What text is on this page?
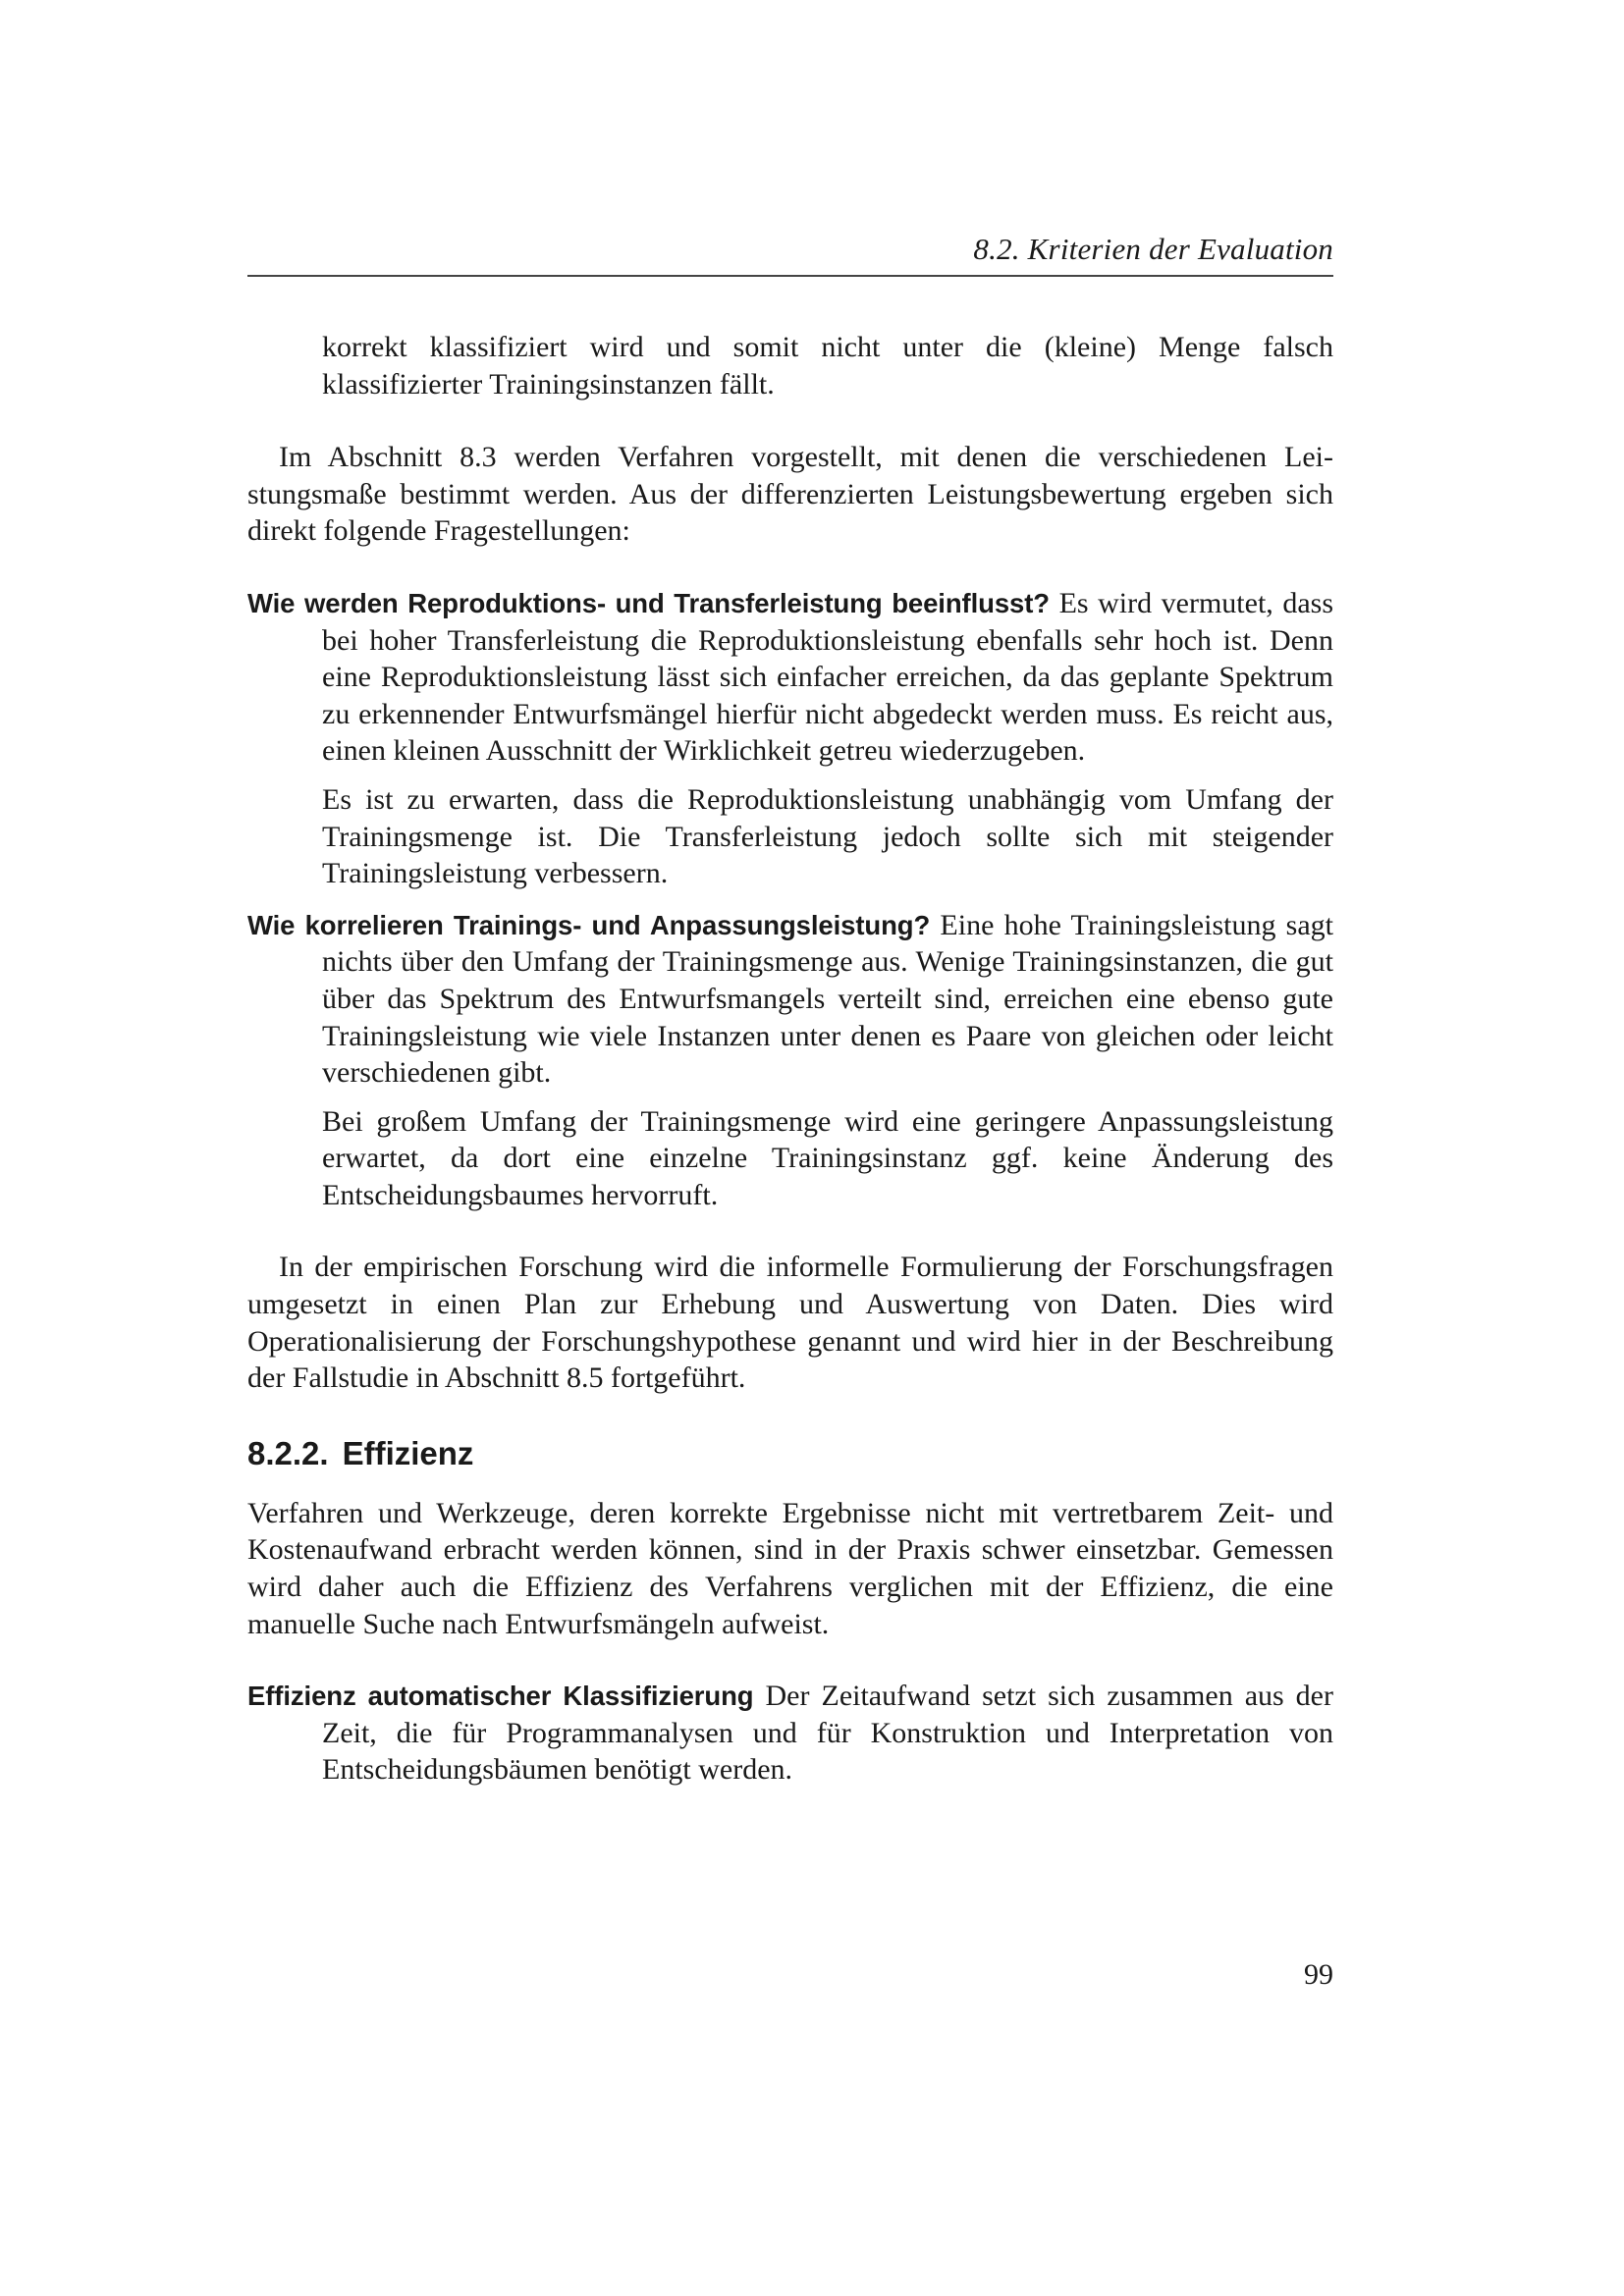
8.2. Kriterien der Evaluation

korrekt klassifiziert wird und somit nicht unter die (kleine) Menge falsch klassifizierter Trainingsinstanzen fällt.

Im Abschnitt 8.3 werden Verfahren vorgestellt, mit denen die verschiedenen Leistungsmaße bestimmt werden. Aus der differenzierten Leistungsbewertung ergeben sich direkt folgende Fragestellungen:

Wie werden Reproduktions- und Transferleistung beeinflusst? Es wird vermutet, dass bei hoher Transferleistung die Reproduktionsleistung ebenfalls sehr hoch ist. Denn eine Reproduktionsleistung lässt sich einfacher erreichen, da das geplante Spektrum zu erkennender Entwurfsmängel hierfür nicht abgedeckt werden muss. Es reicht aus, einen kleinen Ausschnitt der Wirklichkeit getreu wiederzugeben.

Es ist zu erwarten, dass die Reproduktionsleistung unabhängig vom Umfang der Trainingsmenge ist. Die Transferleistung jedoch sollte sich mit steigender Trainingsleistung verbessern.

Wie korrelieren Trainings- und Anpassungsleistung? Eine hohe Trainingsleistung sagt nichts über den Umfang der Trainingsmenge aus. Wenige Trainingsinstanzen, die gut über das Spektrum des Entwurfsmangels verteilt sind, erreichen eine ebenso gute Trainingsleistung wie viele Instanzen unter denen es Paare von gleichen oder leicht verschiedenen gibt.

Bei großem Umfang der Trainingsmenge wird eine geringere Anpassungsleistung erwartet, da dort eine einzelne Trainingsinstanz ggf. keine Änderung des Entscheidungsbaumes hervorruft.

In der empirischen Forschung wird die informelle Formulierung der Forschungsfragen umgesetzt in einen Plan zur Erhebung und Auswertung von Daten. Dies wird Operationalisierung der Forschungshypothese genannt und wird hier in der Beschreibung der Fallstudie in Abschnitt 8.5 fortgeführt.

8.2.2. Effizienz

Verfahren und Werkzeuge, deren korrekte Ergebnisse nicht mit vertretbarem Zeit- und Kostenaufwand erbracht werden können, sind in der Praxis schwer einsetzbar. Gemessen wird daher auch die Effizienz des Verfahrens verglichen mit der Effizienz, die eine manuelle Suche nach Entwurfsmängeln aufweist.

Effizienz automatischer Klassifizierung Der Zeitaufwand setzt sich zusammen aus der Zeit, die für Programmanalysen und für Konstruktion und Interpretation von Entscheidungsbäumen benötigt werden.

99
